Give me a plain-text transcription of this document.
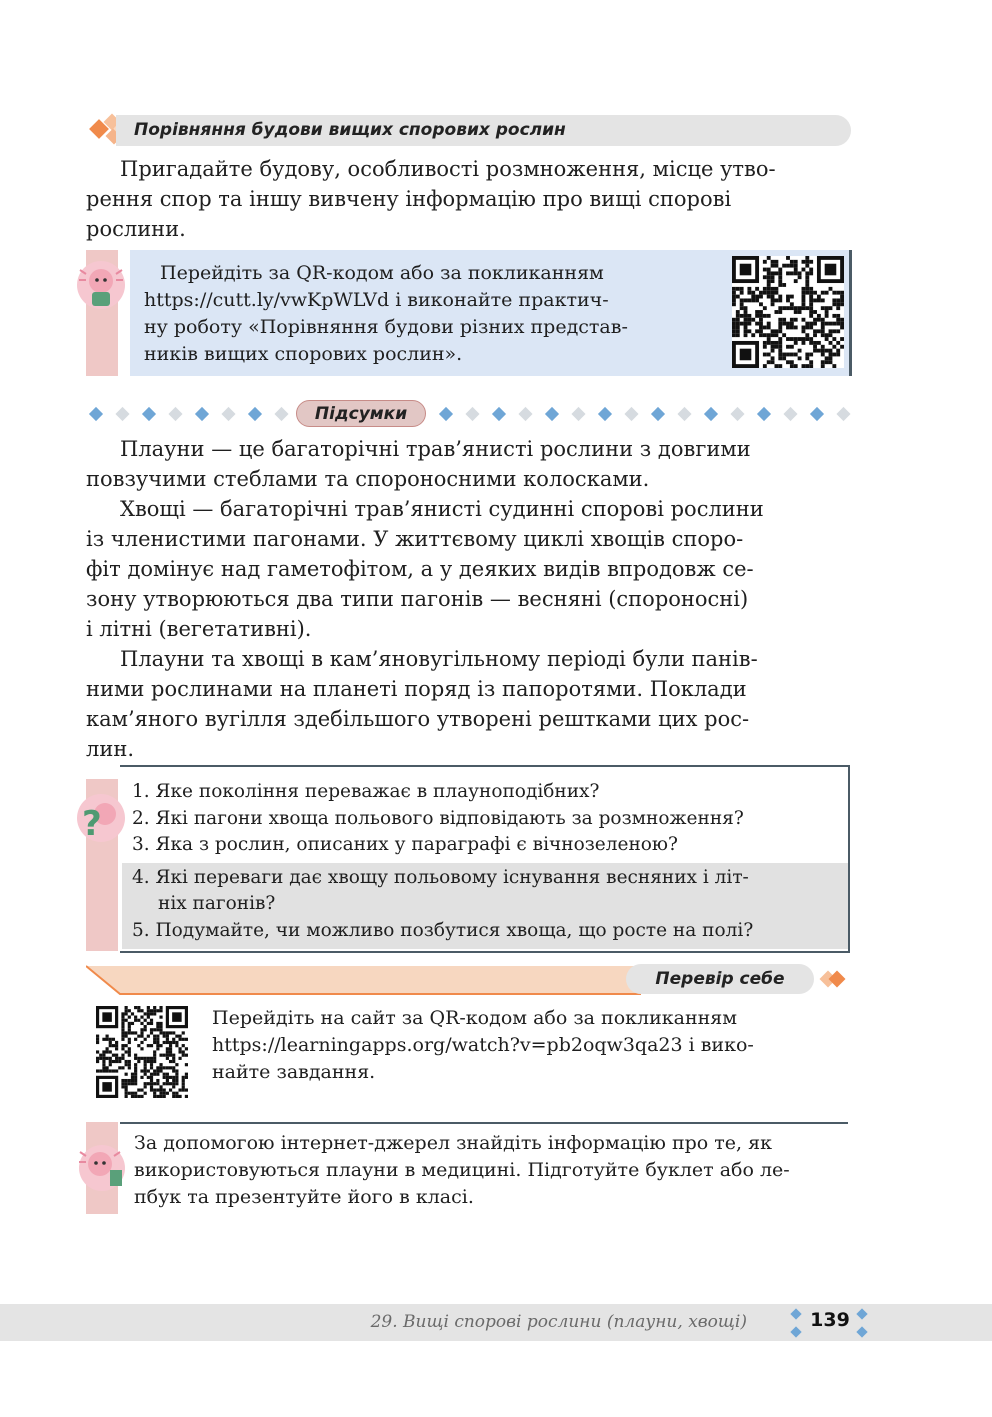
Порівняння будови вищих спорових рослин
Пригадайте будову, особливості розмноження, місце утво-
рення спор та іншу вивчену інформацію про вищі спорові
рослини.
Перейдіть за QR-кодом або за покликанням
https://cutt.ly/vwKpWLVd і виконайте практич-
ну роботу «Порівняння будови різних представ-
ників вищих спорових рослин».
Підсумки
Плауни — це багаторічні трав’янисті рослини з довгими
повзучими стеблами та спороносними колосками.
Хвощі — багаторічні трав’янисті судинні спорові рослини
із членистими пагонами. У життєвому циклі хвощів споро-
фіт домінує над гаметофітом, а у деяких видів впродовж се-
зону утворюються два типи пагонів — весняні (спороносні)
і літні (вегетативні).
Плауни та хвощі в кам’яновугільному періоді були панів-
ними рослинами на планеті поряд із папоротями. Поклади
кам’яного вугілля здебільшого утворені рештками цих рос-
лин.
?
1. Яке покоління переважає в плауноподібних?
2. Які пагони хвоща польового відповідають за розмноження?
3. Яка з рослин, описаних у параграфі є вічнозеленою?
4. Які переваги дає хвощу польовому існування весняних і літ-
ніх пагонів?
5. Подумайте, чи можливо позбутися хвоща, що росте на полі?
Перевір себе
Перейдіть на сайт за QR-кодом або за покликанням
https://learningapps.org/watch?v=pb2oqw3qa23 і вико-
найте завдання.
За допомогою інтернет-джерел знайдіть інформацію про те, як
використовуються плауни в медицині. Підготуйте буклет або ле-
пбук та презентуйте його в класі.
29. Вищі спорові рослини (плауни, хвощі)	139
